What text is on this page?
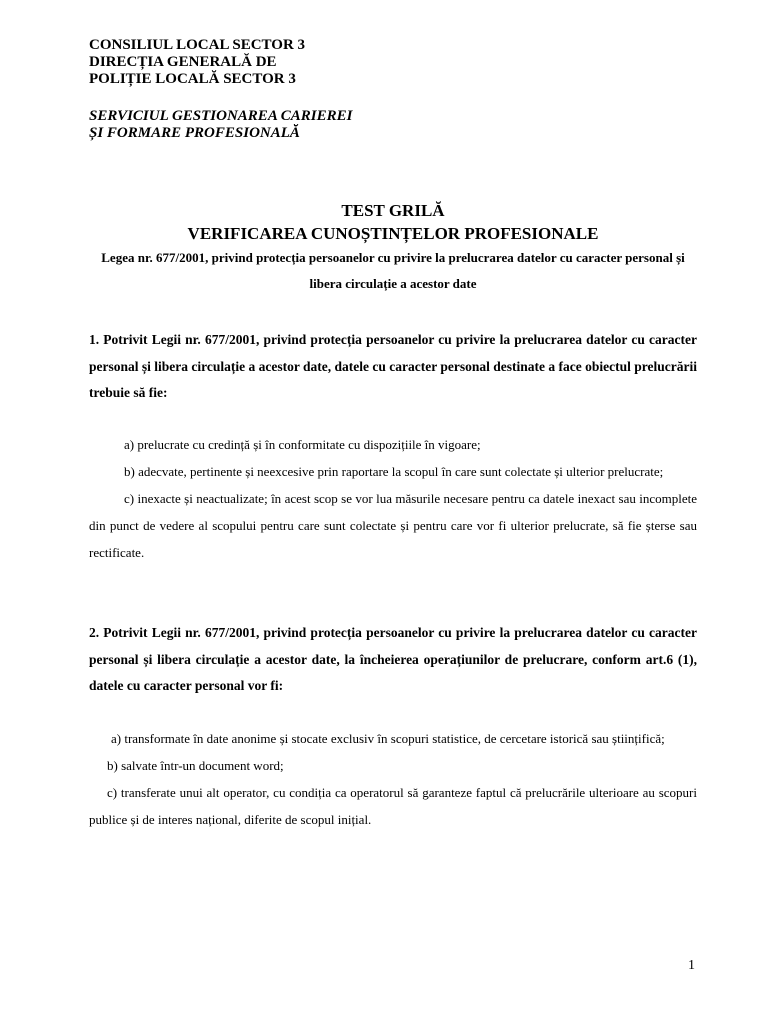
CONSILIUL LOCAL SECTOR 3
DIRECȚIA GENERALĂ DE
POLIȚIE LOCALĂ SECTOR 3
SERVICIUL GESTIONAREA CARIEREI
ȘI FORMARE PROFESIONALĂ
TEST GRILĂ
VERIFICAREA CUNOȘTINȚELOR PROFESIONALE
Legea nr. 677/2001, privind protecția persoanelor cu privire la prelucrarea datelor cu caracter personal și libera circulație a acestor date
1. Potrivit Legii nr. 677/2001, privind protecția persoanelor cu privire la prelucrarea datelor cu caracter personal și libera circulație a acestor date, datele cu caracter personal destinate a face obiectul prelucrării trebuie să fie:

a) prelucrate cu credință și în conformitate cu dispozițiile în vigoare;

b) adecvate, pertinente și neexcesive prin raportare la scopul în care sunt colectate și ulterior prelucrate;

c) inexacte și neactualizate; în acest scop se vor lua măsurile necesare pentru ca datele inexact sau incomplete din punct de vedere al scopului pentru care sunt colectate și pentru care vor fi ulterior prelucrate, să fie șterse sau rectificate.

2. Potrivit Legii nr. 677/2001, privind protecția persoanelor cu privire la prelucrarea datelor cu caracter personal și libera circulație a acestor date, la încheierea operațiunilor de prelucrare, conform art.6 (1), datele cu caracter personal vor fi:

a) transformate în date anonime și stocate exclusiv în scopuri statistice, de cercetare istorică sau științifică;

b) salvate într-un document word;

c) transferate unui alt operator, cu condiția ca operatorul să garanteze faptul că prelucrările ulterioare au scopuri publice și de interes național, diferite de scopul inițial.

1
